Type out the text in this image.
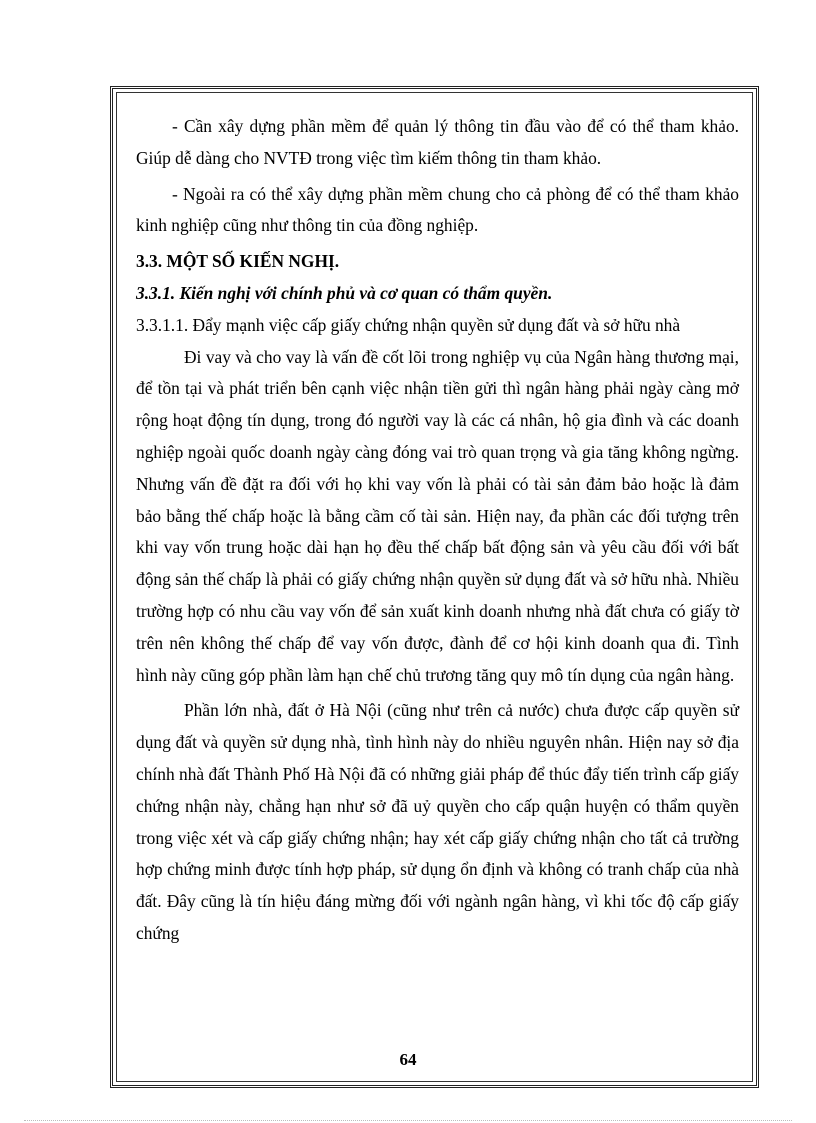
- Cần xây dựng phần mềm để quản lý thông tin đầu vào để có thể tham khảo. Giúp dễ dàng cho NVTĐ trong việc tìm kiếm thông tin tham khảo.

- Ngoài ra có thể xây dựng phần mềm chung cho cả phòng để có thể tham khảo kinh nghiệp cũng như thông tin của đồng nghiệp.

3.3. MỘT SỐ KIẾN NGHỊ.

3.3.1. Kiến nghị với chính phủ và cơ quan có thẩm quyền.

3.3.1.1. Đẩy mạnh việc cấp giấy chứng nhận quyền sử dụng đất và sở hữu nhà

Đi vay và cho vay là vấn đề cốt lõi trong nghiệp vụ của Ngân hàng thương mại, để tồn tại và phát triển bên cạnh việc nhận tiền gửi thì ngân hàng phải ngày càng mở rộng hoạt động tín dụng, trong đó người vay là các cá nhân, hộ gia đình và các doanh nghiệp ngoài quốc doanh ngày càng đóng vai trò quan trọng và gia tăng không ngừng. Nhưng vấn đề đặt ra đối với họ khi vay vốn là phải có tài sản đảm bảo hoặc là đảm bảo bằng thế chấp hoặc là bằng cầm cố tài sản. Hiện nay, đa phần các đối tượng trên khi vay vốn trung hoặc dài hạn họ đều thế chấp bất động sản và yêu cầu đối với bất động sản thế chấp là phải có giấy chứng nhận quyền sử dụng đất và sở hữu nhà. Nhiều trường hợp có nhu cầu vay vốn để sản xuất kinh doanh nhưng nhà đất chưa có giấy tờ trên nên không thế chấp để vay vốn được, đành để cơ hội kinh doanh qua đi. Tình hình này cũng góp phần làm hạn chế chủ trương tăng quy mô tín dụng của ngân hàng.

Phần lớn nhà, đất ở Hà Nội (cũng như trên cả nước) chưa được cấp quyền sử dụng đất và quyền sử dụng nhà, tình hình này do nhiều nguyên nhân. Hiện nay sở địa chính nhà đất Thành Phố Hà Nội đã có những giải pháp để thúc đẩy tiến trình cấp giấy chứng nhận này, chẳng hạn như sở đã uỷ quyền cho cấp quận huyện có thẩm quyền trong việc xét và cấp giấy chứng nhận; hay xét cấp giấy chứng nhận cho tất cả trường hợp chứng minh được tính hợp pháp, sử dụng ổn định và không có tranh chấp của nhà đất. Đây cũng là tín hiệu đáng mừng đối với ngành ngân hàng, vì khi tốc độ cấp giấy chứng

64
